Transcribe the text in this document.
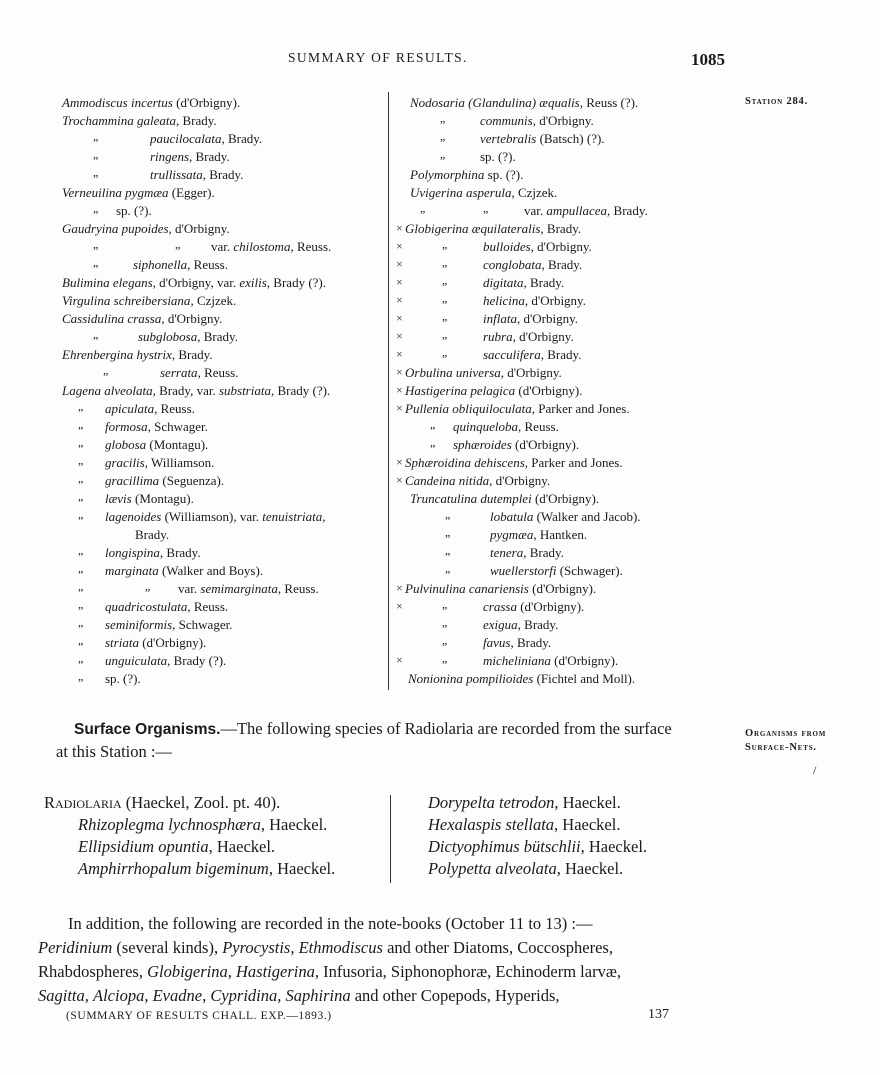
SUMMARY OF RESULTS.	1085
Station 284.
Ammodiscus incertus (d'Orbigny).
Trochammina galeata, Brady.
„	paucilocalata, Brady.
„	ringens, Brady.
„	trullissata, Brady.
Verneuilina pygmæa (Egger).
„ sp. (?).
Gaudryina pupoides, d'Orbigny.
„	„ var. chilostoma, Reuss.
„	siphonella, Reuss.
Bulimina elegans, d'Orbigny, var. exilis, Brady (?).
Virgulina schreibersiana, Czjzek.
Cassidulina crassa, d'Orbigny.
„	subglobosa, Brady.
Ehrenbergina hystrix, Brady.
„	serrata, Reuss.
Lagena alveolata, Brady, var. substriata, Brady (?).
„ apiculata, Reuss.
„ formosa, Schwager.
„ globosa (Montagu).
„ gracilis, Williamson.
„ gracillima (Seguenza).
„ lævis (Montagu).
„ lagenoides (Williamson), var. tenuistriata,
Brady.
„ longispina, Brady.
„ marginata (Walker and Boys).
„	„ var. semimarginata, Reuss.
„ quadricostulata, Reuss.
„ seminiformis, Schwager.
„ striata (d'Orbigny).
„ unguiculata, Brady (?).
„ sp. (?).
Nodosaria (Glandulina) æqualis, Reuss (?).
„	communis, d'Orbigny.
„	vertebralis (Batsch) (?).
„	sp. (?).
Polymorphina sp. (?).
Uvigerina asperula, Czjzek.
„	„	var. ampullacea, Brady.
× Globigerina æquilateralis, Brady.
×	„	bulloides, d'Orbigny.
×	„	conglobata, Brady.
×	„	digitata, Brady.
×	„	helicina, d'Orbigny.
×	„	inflata, d'Orbigny.
×	„	rubra, d'Orbigny.
×	„	sacculifera, Brady.
× Orbulina universa, d'Orbigny.
× Hastigerina pelagica (d'Orbigny).
× Pullenia obliquiloculata, Parker and Jones.
„ quinqueloba, Reuss.
„ sphæroides (d'Orbigny).
× Sphæroidina dehiscens, Parker and Jones.
× Candeina nitida, d'Orbigny.
Truncatulina dutemplei (d'Orbigny).
„	lobatula (Walker and Jacob).
„	pygmæa, Hantken.
„	tenera, Brady.
„	wuellerstorfi (Schwager).
× Pulvinulina canariensis (d'Orbigny).
×	„	crassa (d'Orbigny).
„	exigua, Brady.
„	favus, Brady.
×	„	micheliniana (d'Orbigny).
Nonionina pompilioides (Fichtel and Moll).
Surface Organisms.—The following species of Radiolaria are recorded from the surface
at this Station :—
Organisms from
Surface-Nets.
/
Radiolaria (Haeckel, Zool. pt. 40).
Rhizoplegma lychnosphæra, Haeckel.
Ellipsidium opuntia, Haeckel.
Amphirrhopalum bigeminum, Haeckel.
Dorypelta tetrodon, Haeckel.
Hexalaspis stellata, Haeckel.
Dictyophimus bütschlii, Haeckel.
Polypetta alveolata, Haeckel.
In addition, the following are recorded in the note-books (October 11 to 13) :—
Peridinium (several kinds), Pyrocystis, Ethmodiscus and other Diatoms, Coccospheres,
Rhabdospheres, Globigerina, Hastigerina, Infusoria, Siphonophoræ, Echinoderm larvæ,
Sagitta, Alciopa, Evadne, Cypridina, Saphirina and other Copepods, Hyperids,
(SUMMARY OF RESULTS CHALL. EXP.—1893.)	137
